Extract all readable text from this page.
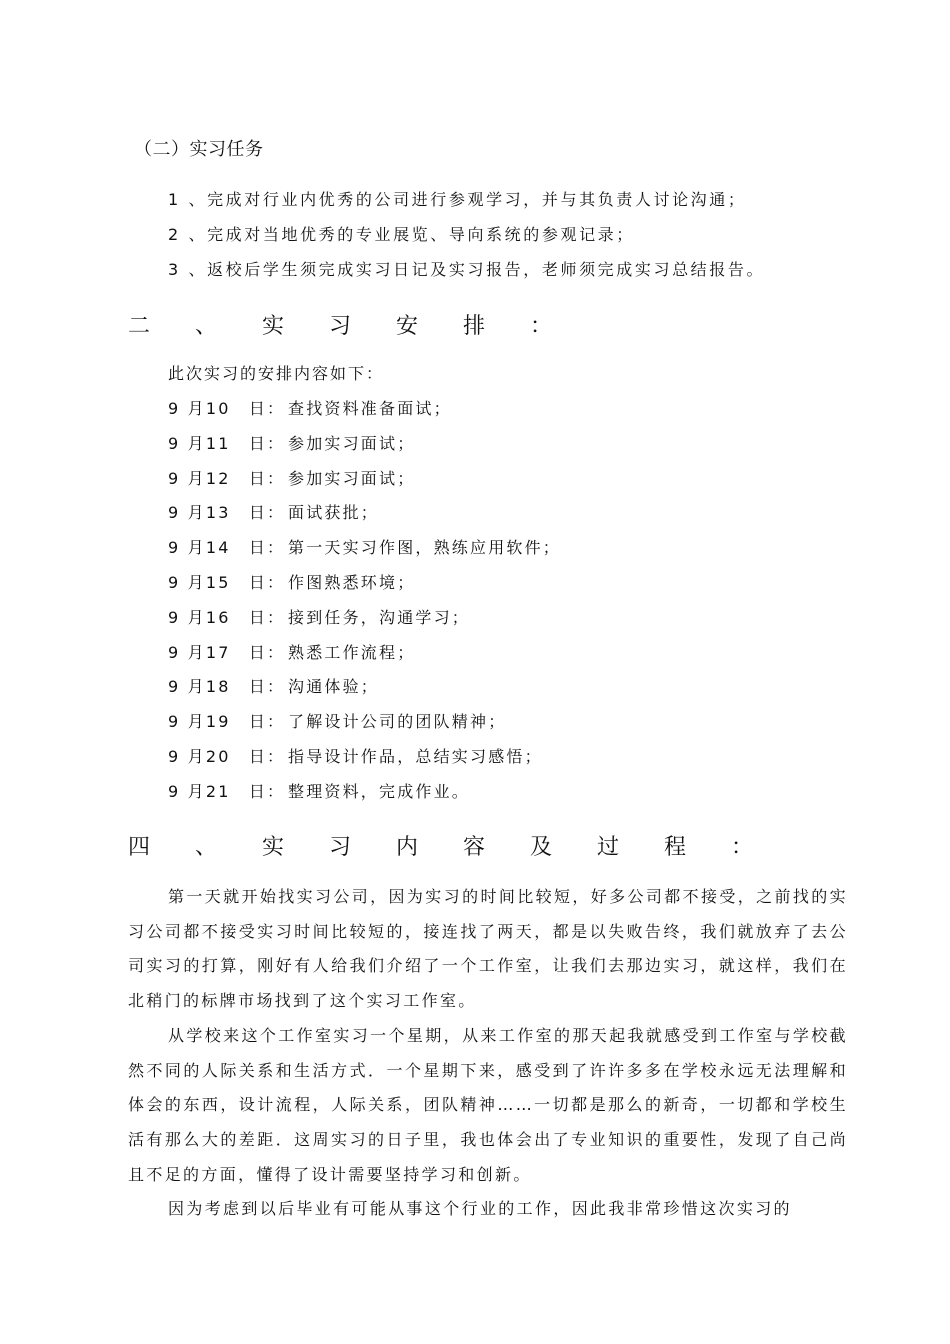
（二）实习任务
1 、完成对行业内优秀的公司进行参观学习，并与其负责人讨论沟通；
2 、完成对当地优秀的专业展览、导向系统的参观记录；
3 、返校后学生须完成实习日记及实习报告，老师须完成实习总结报告。
二 、 实 习 安 排 ：
此次实习的安排内容如下：
9 月10　日： 查找资料准备面试；
9 月11　日： 参加实习面试；
9 月12　日： 参加实习面试；
9 月13　日： 面试获批；
9 月14　日： 第一天实习作图，熟练应用软件；
9 月15　日： 作图熟悉环境；
9 月16　日： 接到任务，沟通学习；
9 月17　日： 熟悉工作流程；
9 月18　日： 沟通体验；
9 月19　日： 了解设计公司的团队精神；
9 月20　日： 指导设计作品，总结实习感悟；
9 月21　日： 整理资料，完成作业。
四 、 实 习 内 容 及 过 程 ：

第一天就开始找实习公司，因为实习的时间比较短，好多公司都不接受，之前找的实习公司都不接受实习时间比较短的，接连找了两天，都是以失败告终，我们就放弃了去公司实习的打算，刚好有人给我们介绍了一个工作室，让我们去那边实习，就这样，我们在北稍门的标牌市场找到了这个实习工作室。

从学校来这个工作室实习一个星期，从来工作室的那天起我就感受到工作室与学校截然不同的人际关系和生活方式．一个星期下来，感受到了许许多多在学校永远无法理解和体会的东西，设计流程，人际关系，团队精神……一切都是那么的新奇，一切都和学校生活有那么大的差距．这周实习的日子里，我也体会出了专业知识的重要性，发现了自己尚且不足的方面，懂得了设计需要坚持学习和创新。

因为考虑到以后毕业有可能从事这个行业的工作，因此我非常珍惜这次实习的
